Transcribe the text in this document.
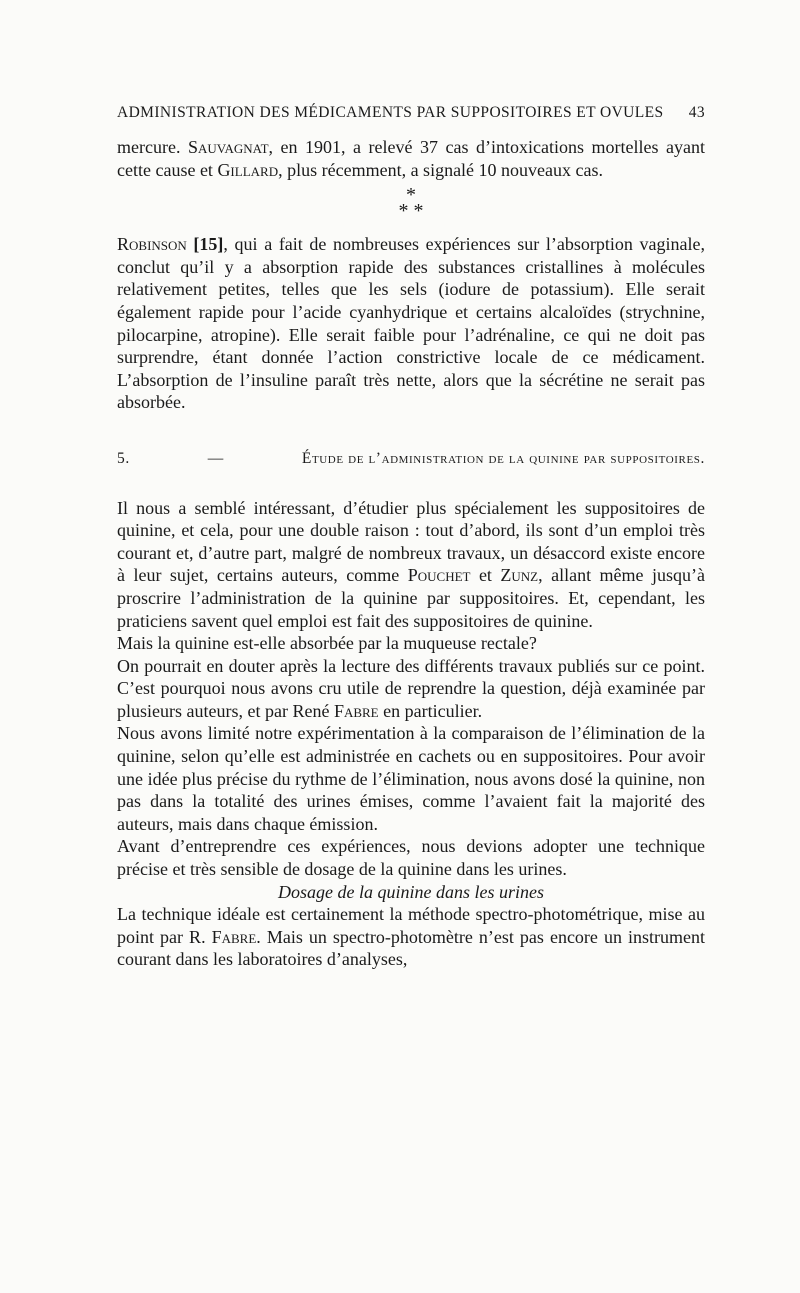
ADMINISTRATION DES MÉDICAMENTS PAR SUPPOSITOIRES ET OVULES 43

mercure. Sauvagnat, en 1901, a relevé 37 cas d’intoxications mortelles ayant cette cause et Gillard, plus récemment, a signalé 10 nouveaux cas.

*
* *

Robinson [15], qui a fait de nombreuses expériences sur l’absorption vaginale, conclut qu’il y a absorption rapide des substances cristallines à molécules relativement petites, telles que les sels (iodure de potassium). Elle serait également rapide pour l’acide cyanhydrique et certains alcaloïdes (strychnine, pilocarpine, atropine). Elle serait faible pour l’adrénaline, ce qui ne doit pas surprendre, étant donnée l’action constrictive locale de ce médicament. L’absorption de l’insuline paraît très nette, alors que la sécrétine ne serait pas absorbée.

5.	—	Étude de l’administration de la quinine par suppositoires.

Il nous a semblé intéressant, d’étudier plus spécialement les suppositoires de quinine, et cela, pour une double raison : tout d’abord, ils sont d’un emploi très courant et, d’autre part, malgré de nombreux travaux, un désaccord existe encore à leur sujet, certains auteurs, comme Pouchet et Zunz, allant même jusqu’à proscrire l’administration de la quinine par suppositoires. Et, cependant, les praticiens savent quel emploi est fait des suppositoires de quinine.

Mais la quinine est-elle absorbée par la muqueuse rectale?

On pourrait en douter après la lecture des différents travaux publiés sur ce point. C’est pourquoi nous avons cru utile de reprendre la question, déjà examinée par plusieurs auteurs, et par René Fabre en particulier.

Nous avons limité notre expérimentation à la comparaison de l’élimination de la quinine, selon qu’elle est administrée en cachets ou en suppositoires. Pour avoir une idée plus précise du rythme de l’élimination, nous avons dosé la quinine, non pas dans la totalité des urines émises, comme l’avaient fait la majorité des auteurs, mais dans chaque émission.

Avant d’entreprendre ces expériences, nous devions adopter une technique précise et très sensible de dosage de la quinine dans les urines.

Dosage de la quinine dans les urines

La technique idéale est certainement la méthode spectro-photométrique, mise au point par R. Fabre. Mais un spectro-photomètre n’est pas encore un instrument courant dans les laboratoires d’analyses,
